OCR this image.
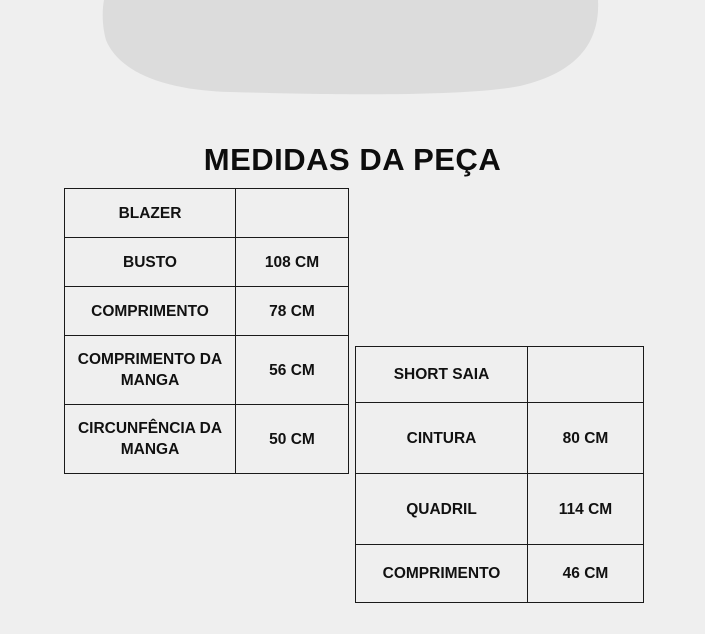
MEDIDAS DA PEÇA
BLAZER	
BUSTO	108 CM
COMPRIMENTO	78 CM
COMPRIMENTO DA MANGA	56 CM
CIRCUNFÊNCIA DA MANGA	50 CM
SHORT SAIA	
CINTURA	80 CM
QUADRIL	114 CM
COMPRIMENTO	46 CM
